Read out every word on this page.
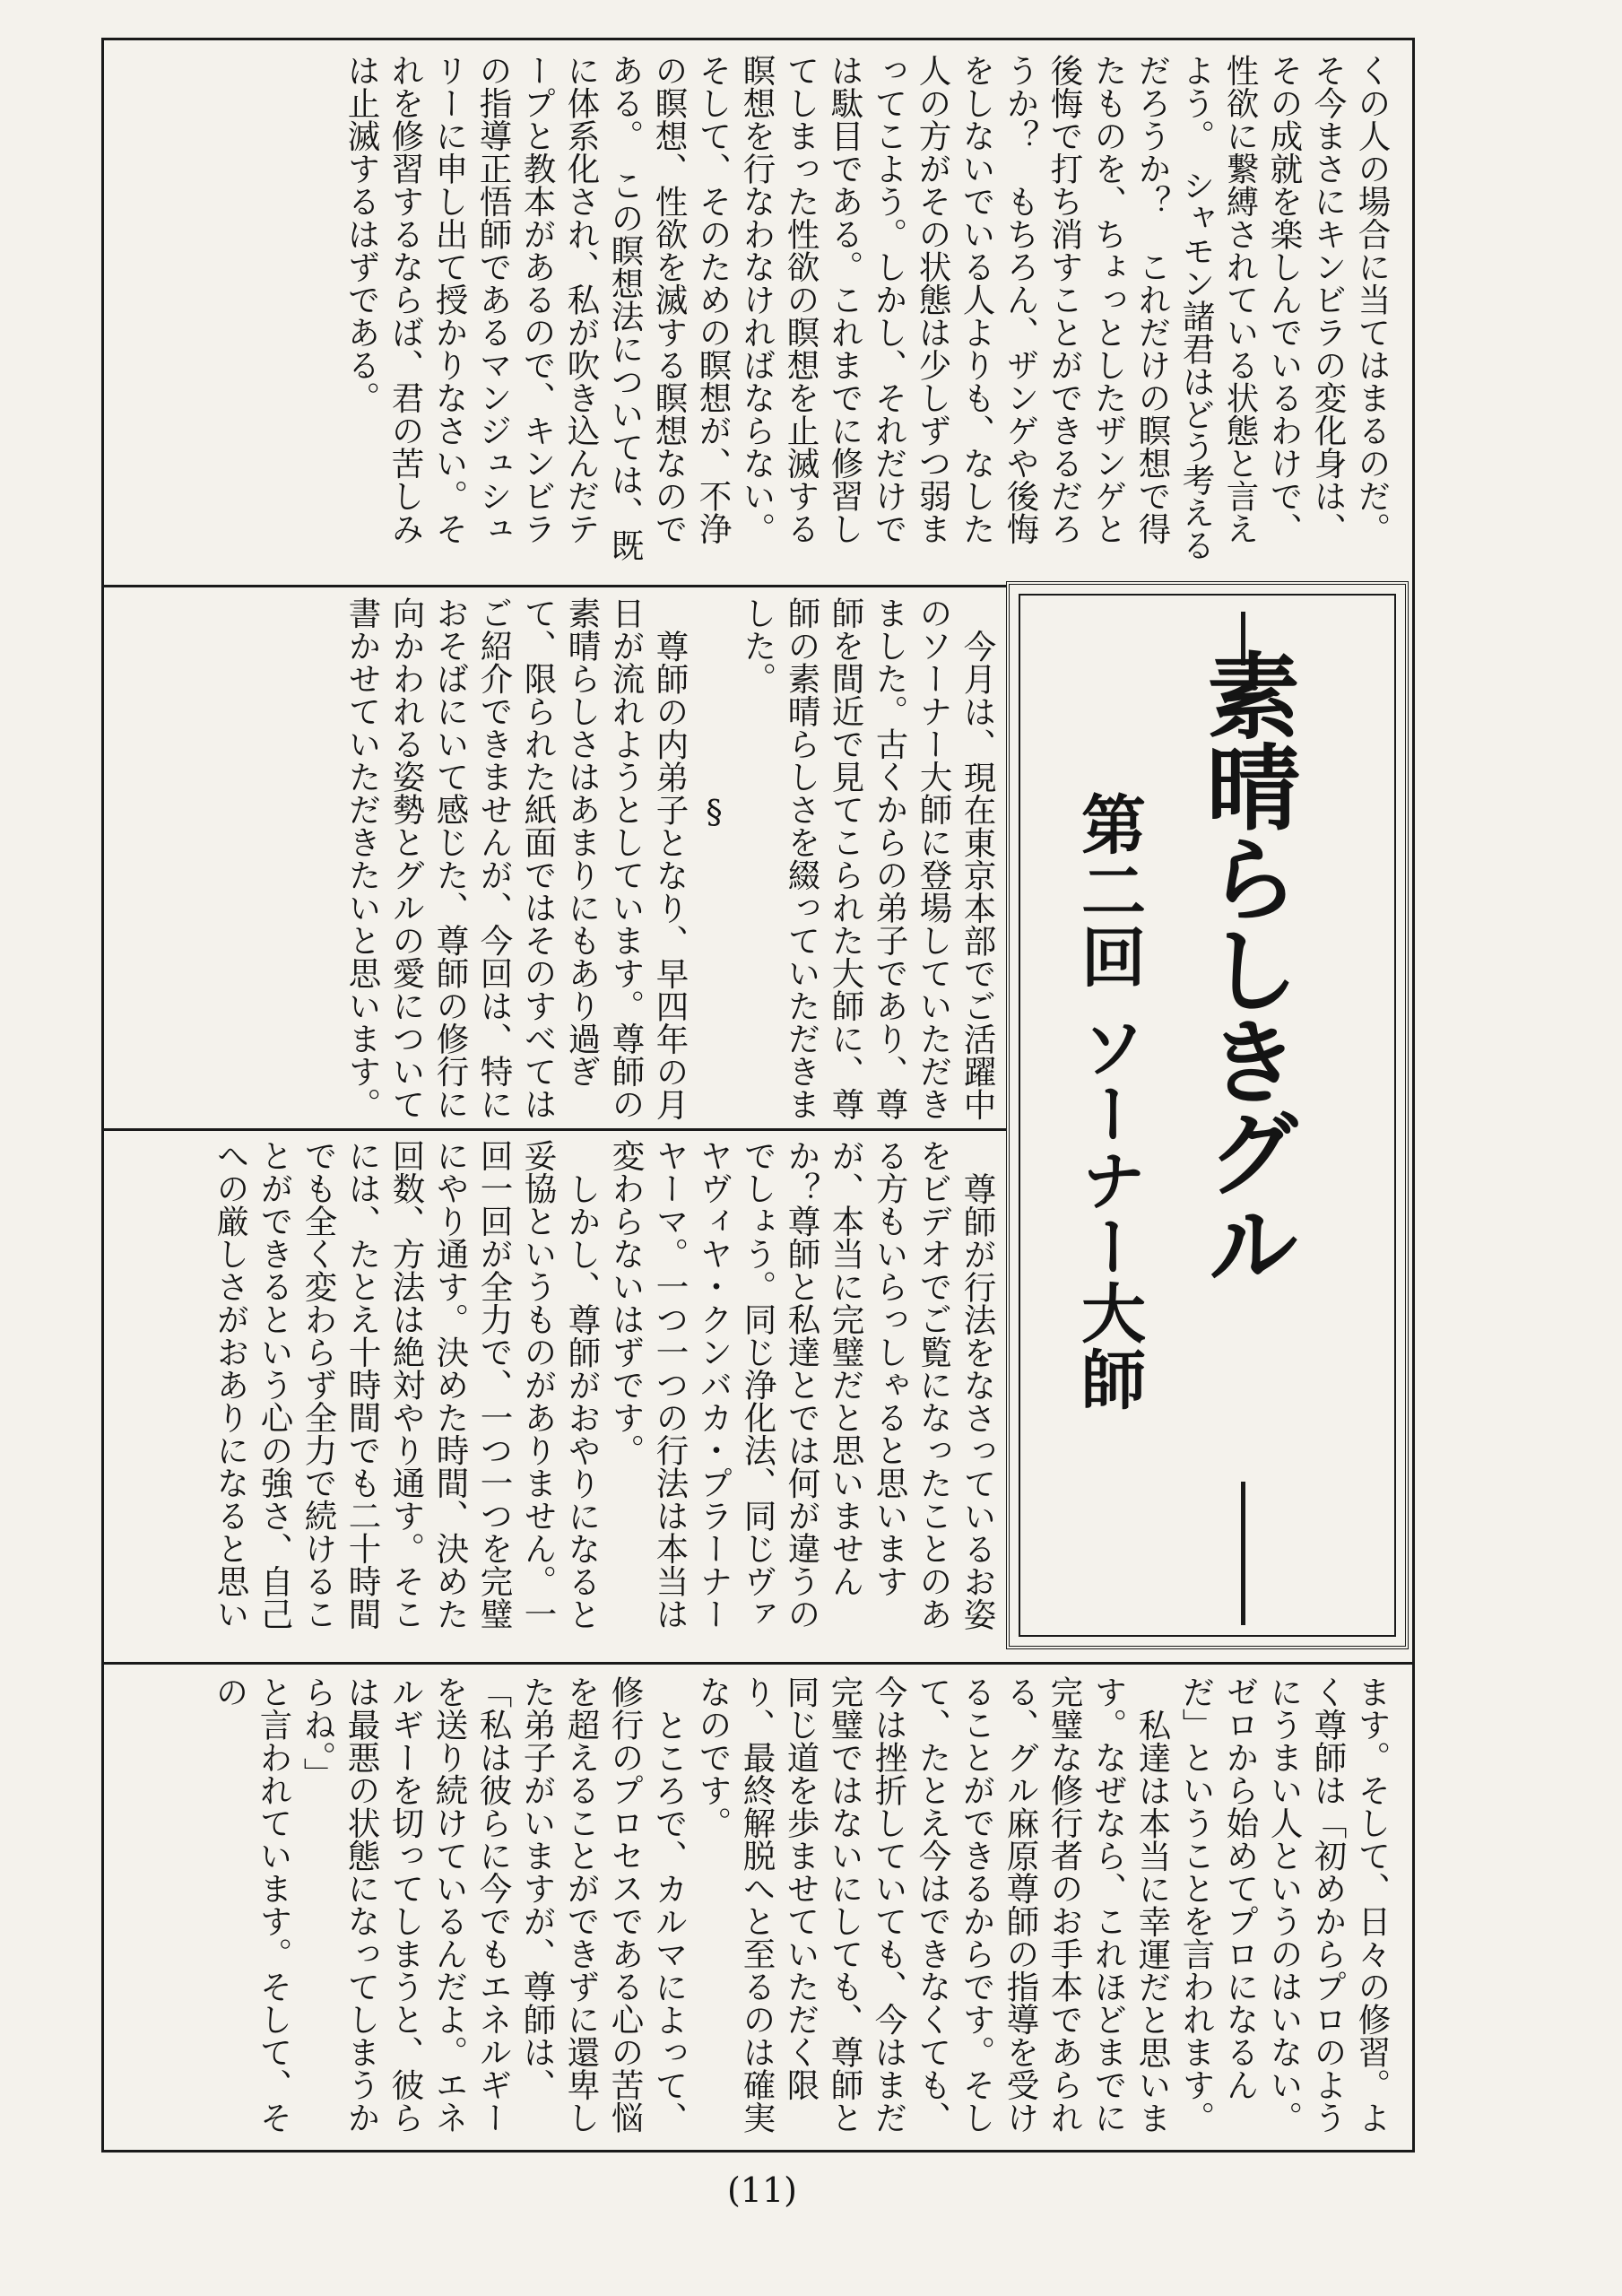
くの人の場合に当てはまるのだ。そ今まさにキンビラの変化身は、その成就を楽しんでいるわけで、性欲に繋縛されている状態と言えよう。　シャモン諸君はどう考えるだろうか？　これだけの瞑想で得たものを、ちょっとしたザンゲと後悔で打ち消すことができるだろうか？　もちろん、ザンゲや後悔をしないでいる人よりも、なした人の方がその状態は少しずつ弱まってこよう。しかし、それだけでは駄目である。これまでに修習してしまった性欲の瞑想を止滅する瞑想を行なわなければならない。そして、そのための瞑想が、不浄の瞑想、性欲を滅する瞑想なのである。　この瞑想法については、既に体系化され、私が吹き込んだテープと教本があるので、キンビラの指導正悟師であるマンジュシュリーに申し出て授かりなさい。それを修習するならば、君の苦しみは止滅するはずである。

今月は、現在東京本部でご活躍中のソーナー大師に登場していただきました。古くからの弟子であり、尊師を間近で見てこられた大師に、尊師の素晴らしさを綴っていただきました。

§

尊師の内弟子となり、早四年の月日が流れようとしています。尊師の素晴らしさはあまりにもあり過ぎて、限られた紙面ではそのすべてはご紹介できませんが、今回は、特におそばにいて感じた、尊師の修行に向かわれる姿勢とグルの愛について書かせていただきたいと思います。

尊師が行法をなさっているお姿をビデオでご覧になったことのある方もいらっしゃると思いますが、本当に完璧だと思いませんか？尊師と私達とでは何が違うのでしょう。同じ浄化法、同じヴァヤヴィヤ・クンバカ・プラーナーヤーマ。一つ一つの行法は本当は変わらないはずです。

しかし、尊師がおやりになると妥協というものがありません。一回一回が全力で、一つ一つを完璧にやり通す。決めた時間、決めた回数、方法は絶対やり通す。そこには、たとえ十時間でも二十時間でも全く変わらず全力で続けることができるという心の強さ、自己への厳しさがおありになると思い

素晴らしきグル
第二回 ソーナー大師

ます。そして、日々の修習。よく尊師は「初めからプロのようにうまい人というのはいない。ゼロから始めてプロになるんだ」ということを言われます。

私達は本当に幸運だと思います。なぜなら、これほどまでに完璧な修行者のお手本であられる、グル麻原尊師の指導を受けることができるからです。そして、たとえ今はできなくても、今は挫折していても、今はまだ完璧ではないにしても、尊師と同じ道を歩ませていただく限り、最終解脱へと至るのは確実なのです。

ところで、カルマによって、修行のプロセスである心の苦悩を超えることができずに還卑した弟子がいますが、尊師は、

「私は彼らに今でもエネルギーを送り続けているんだよ。エネルギーを切ってしまうと、彼らは最悪の状態になってしまうからね。」

と言われています。そして、その

(11)
